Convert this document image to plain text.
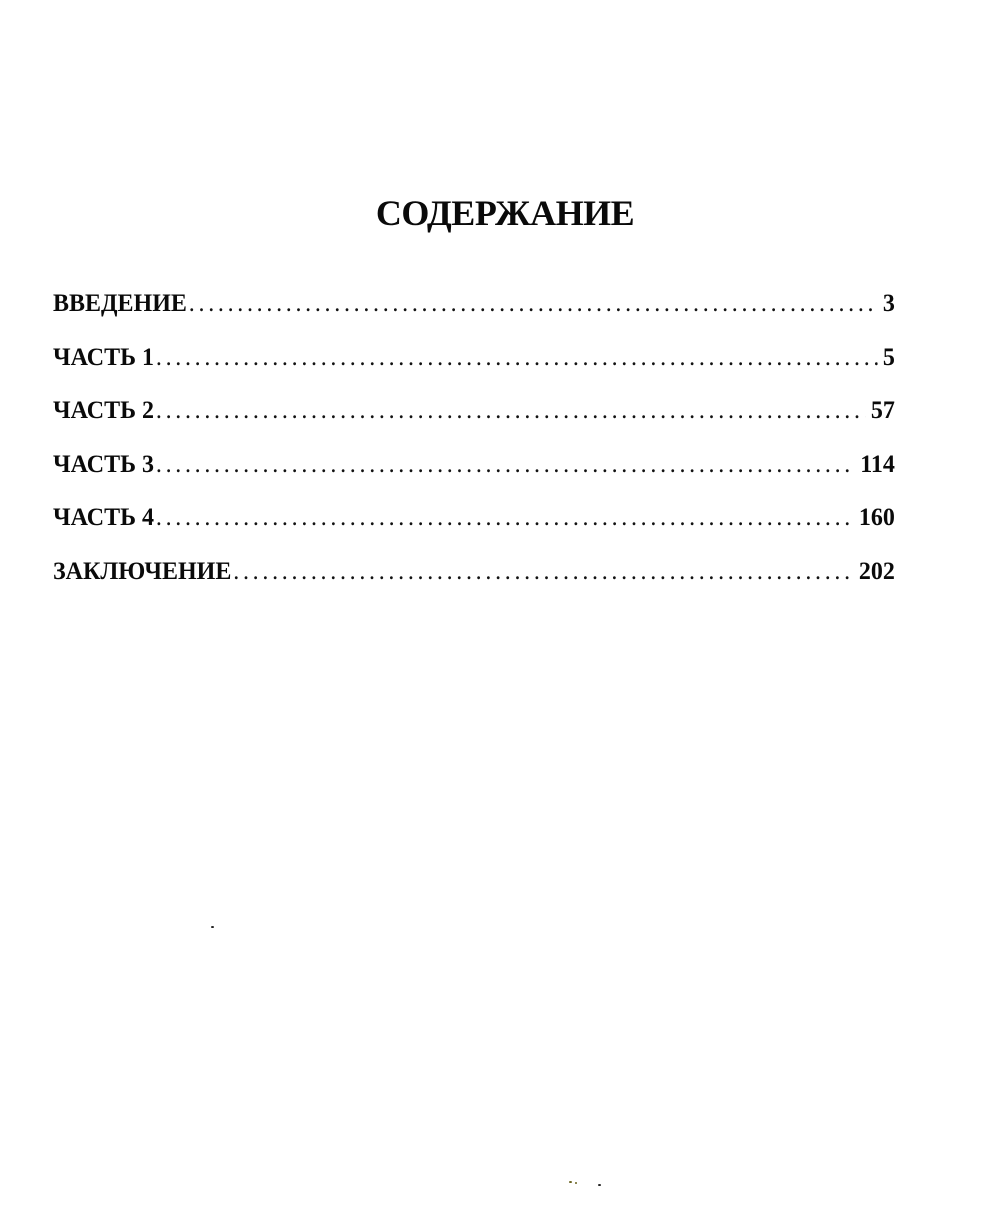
СОДЕРЖАНИЕ
ВВЕДЕНИЕ . . .	3
ЧАСТЬ 1 . . .	5
ЧАСТЬ 2 . . .	57
ЧАСТЬ 3 . . .	114
ЧАСТЬ 4 . . .	160
ЗАКЛЮЧЕНИЕ . . .	202
